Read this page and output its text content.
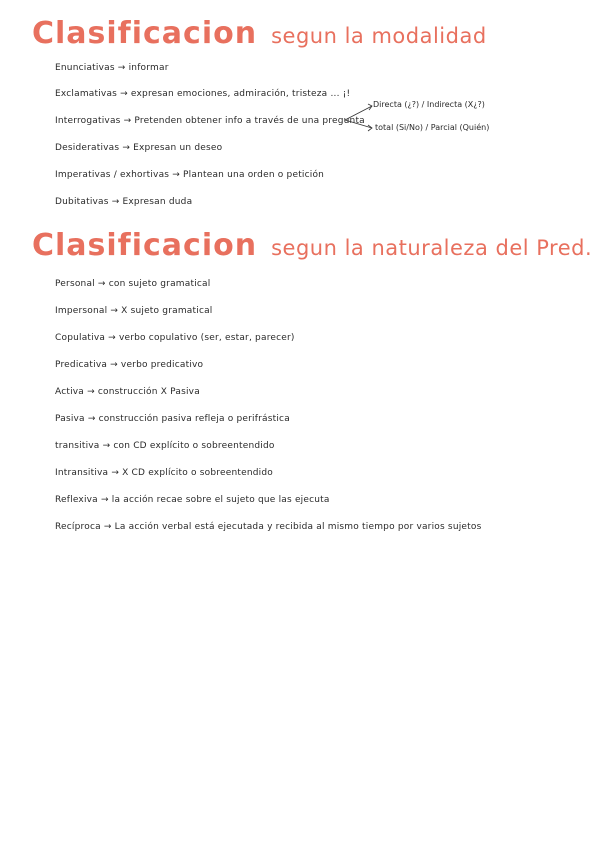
Clasificacion segun la modalidad
Enunciativas → informar
Exclamativas → expresan emociones, admiración, tristeza ... ¡!
Interrogativas → Pretenden obtener info a través de una pregunta
Desiderativas → Expresan un deseo
Imperativas / exhortivas → Plantean una orden o petición
Dubitativas → Expresan duda
Directa (¿?) / Indirecta (X¿?)
total (Si/No) / Parcial (Quién)
Clasificacion segun la naturaleza del Pred.
Personal → con sujeto gramatical
Impersonal → X sujeto gramatical
Copulativa → verbo copulativo (ser, estar, parecer)
Predicativa → verbo predicativo
Activa → construcción X Pasiva
Pasiva → construcción pasiva refleja o perifrástica
transitiva → con CD explícito o sobreentendido
Intransitiva → X CD explícito o sobreentendido
Reflexiva → la acción recae sobre el sujeto que las ejecuta
Recíproca → La acción verbal está ejecutada y recibida al mismo tiempo por varios sujetos
